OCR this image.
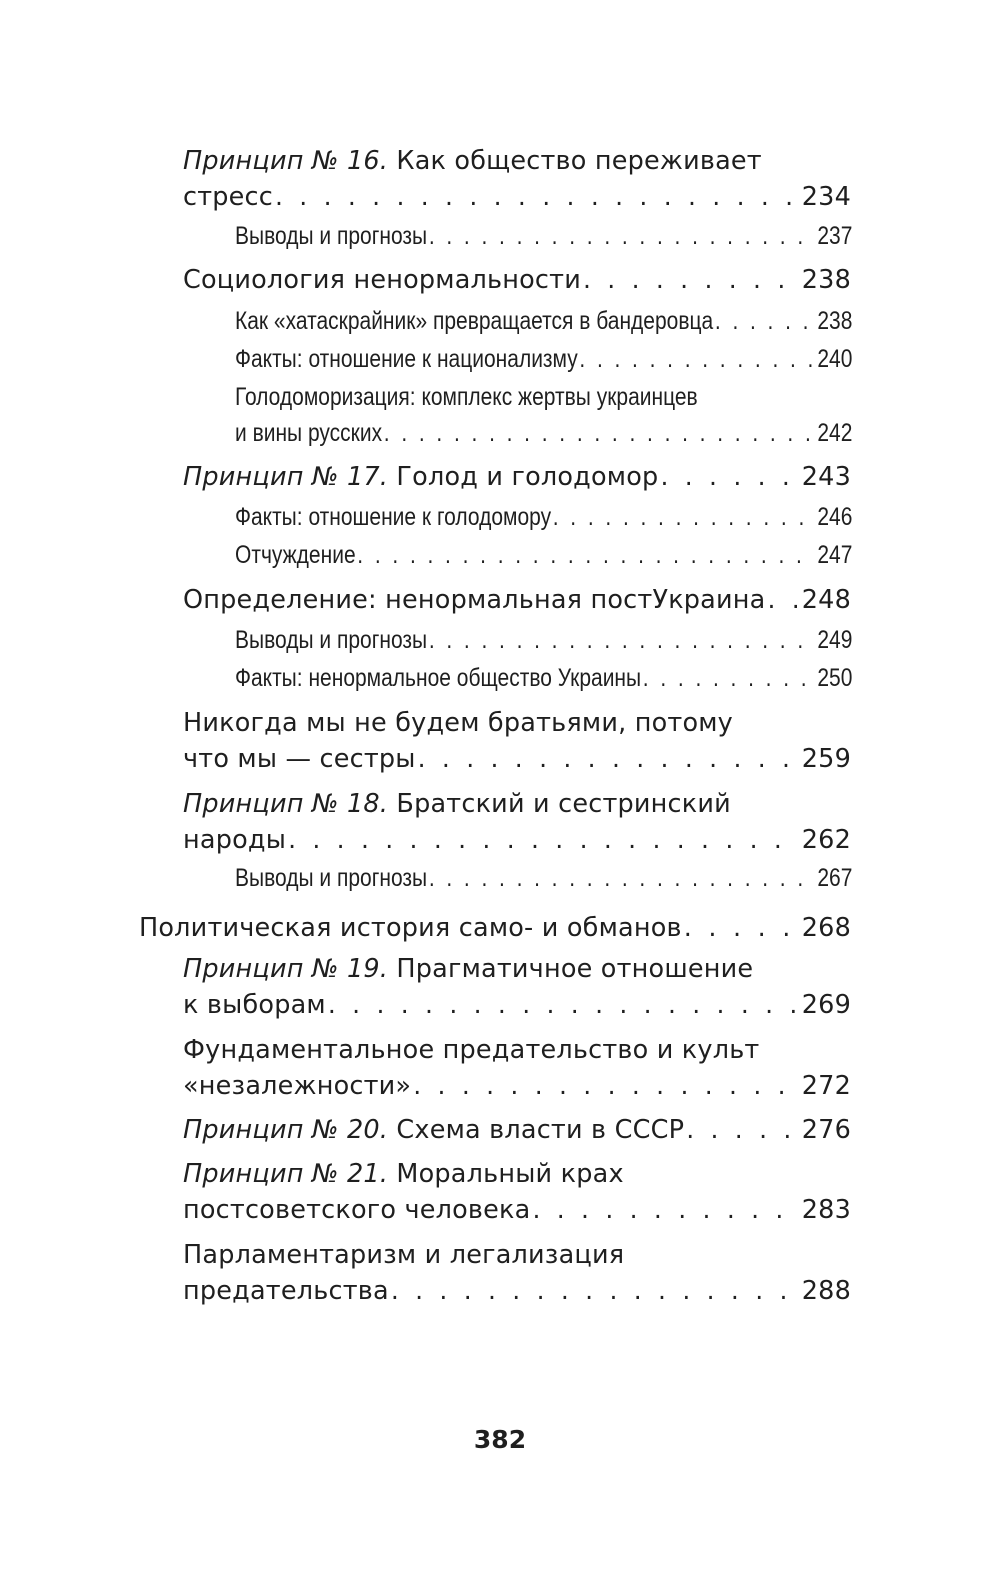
Принцип № 16. Как общество переживает
стресс . . .	234
Выводы и прогнозы . . .	237
Социология ненормальности . . .	238
Как «хатаскрайник» превращается в бандеровца . . .	238
Факты: отношение к национализму . . .	240
Голодоморизация: комплекс жертвы украинцев
и вины русских . . .	242
Принцип № 17. Голод и голодомор . . .	243
Факты: отношение к голодомору . . .	246
Отчуждение . . .	247
Определение: ненормальная постУкраина . . . 248
Выводы и прогнозы . . .	249
Факты: ненормальное общество Украины . . .	250
Никогда мы не будем братьями, потому
что мы — сестры . . .	259
Принцип № 18. Братский и сестринский
народы . . .	262
Выводы и прогнозы . . .	267
Политическая история само- и обманов . . .	268
Принцип № 19. Прагматичное отношение
к выборам . . .	269
Фундаментальное предательство и культ
«незалежности» . . .	272
Принцип № 20. Схема власти в СССР . . .	276
Принцип № 21. Моральный крах
постсоветского человека . . .	283
Парламентаризм и легализация
предательства . . .	288
382
